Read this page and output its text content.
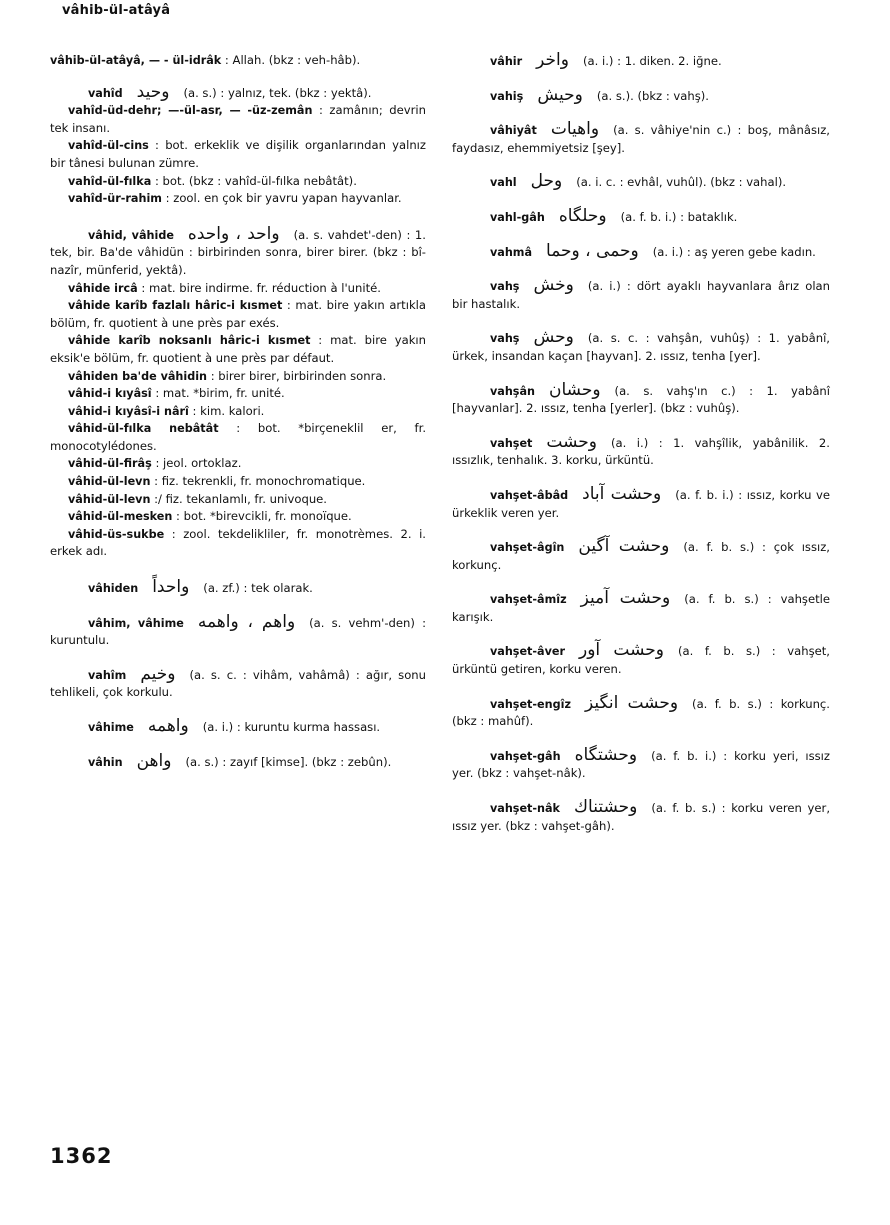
vâhib-ül-atâyâ
vâhib-ül-atâyâ, — - ül-idrâk : Allah. (bkz : veh-hâb).
vahîd وحيد (a. s.) : yalnız, tek. (bkz : yektâ).
vahîd-üd-dehr; —-ül-asr, — -üz-zemân : zamânın; devrin tek insanı.
vahîd-ül-cins : bot. erkeklik ve dişilik organlarından yalnız bir tânesi bulunan zümre.
vahîd-ül-fılka : bot. (bkz : vahîd-ül-fılka nebâtât).
vahîd-ür-rahim : zool. en çok bir yavru yapan hayvanlar.
vâhid, vâhide واحد ، واحده (a. s. vahdet'-den) : 1. tek, bir. Ba'de vâhidün : birbirinden sonra, birer birer. (bkz : bî-nazîr, münferid, yektâ).
vâhide ircâ : mat. bire indirme. fr. réduction à l'unité.
vâhide karîb fazlalı hâric-i kısmet : mat. bire yakın artıkla bölüm, fr. quotient à une près par exés.
vâhide karîb noksanlı hâric-i kısmet : mat. bire yakın eksik'e bölüm, fr. quotient à une près par défaut.
vâhiden ba'de vâhidin : birer birer, birbirinden sonra.
vâhid-i kıyâsî : mat. *birim, fr. unité.
vâhid-i kıyâsî-i nârî : kim. kalori.
vâhid-ül-fılka nebâtât : bot. *birçeneklil er, fr. monocotylédones.
vâhid-ül-firâş : jeol. ortoklaz.
vâhid-ül-levn : fiz. tekrenkli, fr. monochromatique.
vâhid-ül-levn :/ fiz. tekanlamlı, fr. univoque.
vâhid-ül-mesken : bot. *birevcikli, fr. monoïque.
vâhid-üs-sukbe : zool. tekdelikliler, fr. monotrèmes. 2. i. erkek adı.
vâhiden واحداً (a. zf.) : tek olarak.
vâhim, vâhime واهم ، واهمه (a. s. vehm'-den) : kuruntulu.
vahîm وخيم (a. s. c. : vihâm, vahâmâ) : ağır, sonu tehlikeli, çok korkulu.
vâhime واهمه (a. i.) : kuruntu kurma hassası.
vâhin واهن (a. s.) : zayıf [kimse]. (bkz : zebûn).
vâhir واخر (a. i.) : 1. diken. 2. iğne.
vahiş وحيش (a. s.). (bkz : vahş).
vâhiyât واهيات (a. s. vâhiye'nin c.) : boş, mânâsız, faydasız, ehemmiyetsiz [şey].
vahl وحل (a. i. c. : evhâl, vuhûl). (bkz : vahal).
vahl-gâh وحلگاه (a. f. b. i.) : bataklık.
vahmâ وحمى ، وحما (a. i.) : aş yeren gebe kadın.
vahş وخش (a. i.) : dört ayaklı hayvanlara ârız olan bir hastalık.
vahş وحش (a. s. c. : vahşân, vuhûş) : 1. yabânî, ürkek, insandan kaçan [hayvan]. 2. ıssız, tenha [yer].
vahşân وحشان (a. s. vahş'ın c.) : 1. yabânî [hayvanlar]. 2. ıssız, tenha [yerler]. (bkz : vuhûş).
vahşet وحشت (a. i.) : 1. vahşîlik, yabânilik. 2. ıssızlık, tenhalık. 3. korku, ürküntü.
vahşet-âbâd وحشت آباد (a. f. b. i.) : ıssız, korku ve ürkeklik veren yer.
vahşet-âgîn وحشت آگين (a. f. b. s.) : çok ıssız, korkunç.
vahşet-âmîz وحشت آميز (a. f. b. s.) : vahşetle karışık.
vahşet-âver وحشت آور (a. f. b. s.) : vahşet, ürküntü getiren, korku veren.
vahşet-engîz وحشت انگيز (a. f. b. s.) : korkunç. (bkz : mahûf).
vahşet-gâh وحشتگاه (a. f. b. i.) : korku yeri, ıssız yer. (bkz : vahşet-nâk).
vahşet-nâk وحشتناك (a. f. b. s.) : korku veren yer, ıssız yer. (bkz : vahşet-gâh).
1362
